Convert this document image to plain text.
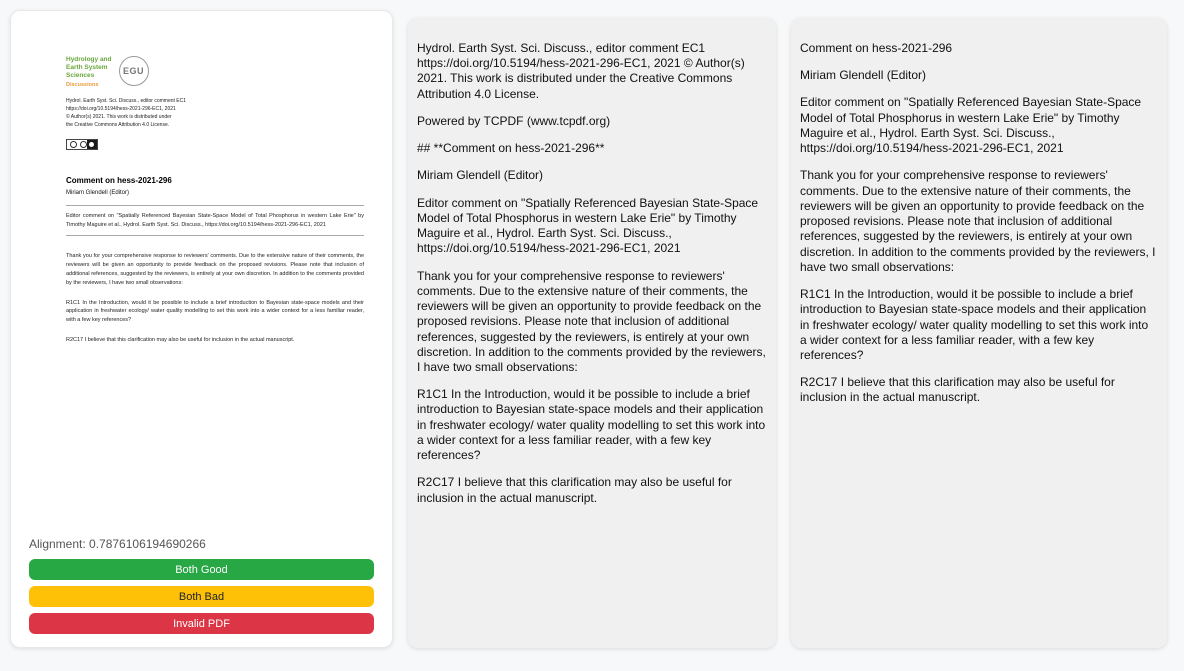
Hydrology and
Earth System
Sciences
Discussions
EGU
Hydrol. Earth Syst. Sci. Discuss., editor comment EC1
https://doi.org/10.5194/hess-2021-296-EC1, 2021
© Author(s) 2021. This work is distributed under
the Creative Commons Attribution 4.0 License.
Comment on hess-2021-296
Miriam Glendell (Editor)
Editor comment on "Spatially Referenced Bayesian State-Space Model of Total Phosphorus in western Lake Erie" by Timothy Maguire et al., Hydrol. Earth Syst. Sci. Discuss., https://doi.org/10.5194/hess-2021-296-EC1, 2021

Thank you for your comprehensive response to reviewers' comments. Due to the extensive nature of their comments, the reviewers will be given an opportunity to provide feedback on the proposed revisions. Please note that inclusion of additional references, suggested by the reviewers, is entirely at your own discretion. In addition to the comments provided by the reviewers, I have two small observations:

R1C1 In the Introduction, would it be possible to include a brief introduction to Bayesian state-space models and their application in freshwater ecology/ water quality modelling to set this work into a wider context for a less familiar reader, with a few key references?

R2C17 I believe that this clarification may also be useful for inclusion in the actual manuscript.

Alignment: 0.7876106194690266
Both Good
Both Bad
Invalid PDF

Hydrol. Earth Syst. Sci. Discuss., editor comment EC1 https://doi.org/10.5194/hess-2021-296-EC1, 2021 © Author(s) 2021. This work is distributed under the Creative Commons Attribution 4.0 License.

Powered by TCPDF (www.tcpdf.org)

## **Comment on hess-2021-296**

Miriam Glendell (Editor)

Editor comment on "Spatially Referenced Bayesian State-Space Model of Total Phosphorus in western Lake Erie" by Timothy Maguire et al., Hydrol. Earth Syst. Sci. Discuss., https://doi.org/10.5194/hess-2021-296-EC1, 2021

Thank you for your comprehensive response to reviewers' comments. Due to the extensive nature of their comments, the reviewers will be given an opportunity to provide feedback on the proposed revisions. Please note that inclusion of additional references, suggested by the reviewers, is entirely at your own discretion. In addition to the comments provided by the reviewers, I have two small observations:

R1C1 In the Introduction, would it be possible to include a brief introduction to Bayesian state-space models and their application in freshwater ecology/ water quality modelling to set this work into a wider context for a less familiar reader, with a few key references?

R2C17 I believe that this clarification may also be useful for inclusion in the actual manuscript.

Comment on hess-2021-296

Miriam Glendell (Editor)

Editor comment on "Spatially Referenced Bayesian State-Space Model of Total Phosphorus in western Lake Erie" by Timothy Maguire et al., Hydrol. Earth Syst. Sci. Discuss., https://doi.org/10.5194/hess-2021-296-EC1, 2021

Thank you for your comprehensive response to reviewers' comments. Due to the extensive nature of their comments, the reviewers will be given an opportunity to provide feedback on the proposed revisions. Please note that inclusion of additional references, suggested by the reviewers, is entirely at your own discretion. In addition to the comments provided by the reviewers, I have two small observations:

R1C1 In the Introduction, would it be possible to include a brief introduction to Bayesian state-space models and their application in freshwater ecology/ water quality modelling to set this work into a wider context for a less familiar reader, with a few key references?

R2C17 I believe that this clarification may also be useful for inclusion in the actual manuscript.
